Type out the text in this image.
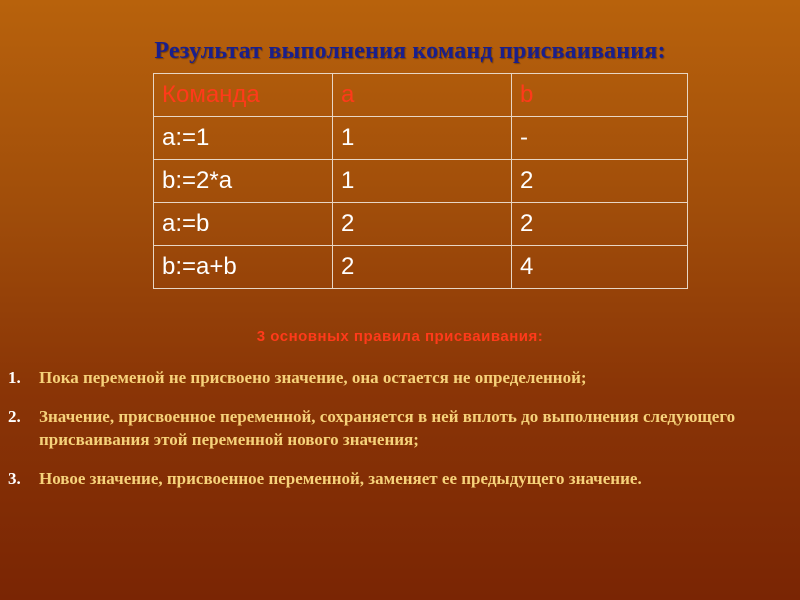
Результат выполнения команд присваивания:
Команда	a	b
a:=1	1	-
b:=2*a	1	2
a:=b	2	2
b:=a+b	2	4
3 основных правила присваивания:
1. Пока переменой не присвоено значение, она остается не определенной;
2. Значение, присвоенное переменной, сохраняется в ней вплоть до выполнения следующего присваивания этой переменной нового значения;
3. Новое значение, присвоенное переменной, заменяет ее предыдущего значение.
